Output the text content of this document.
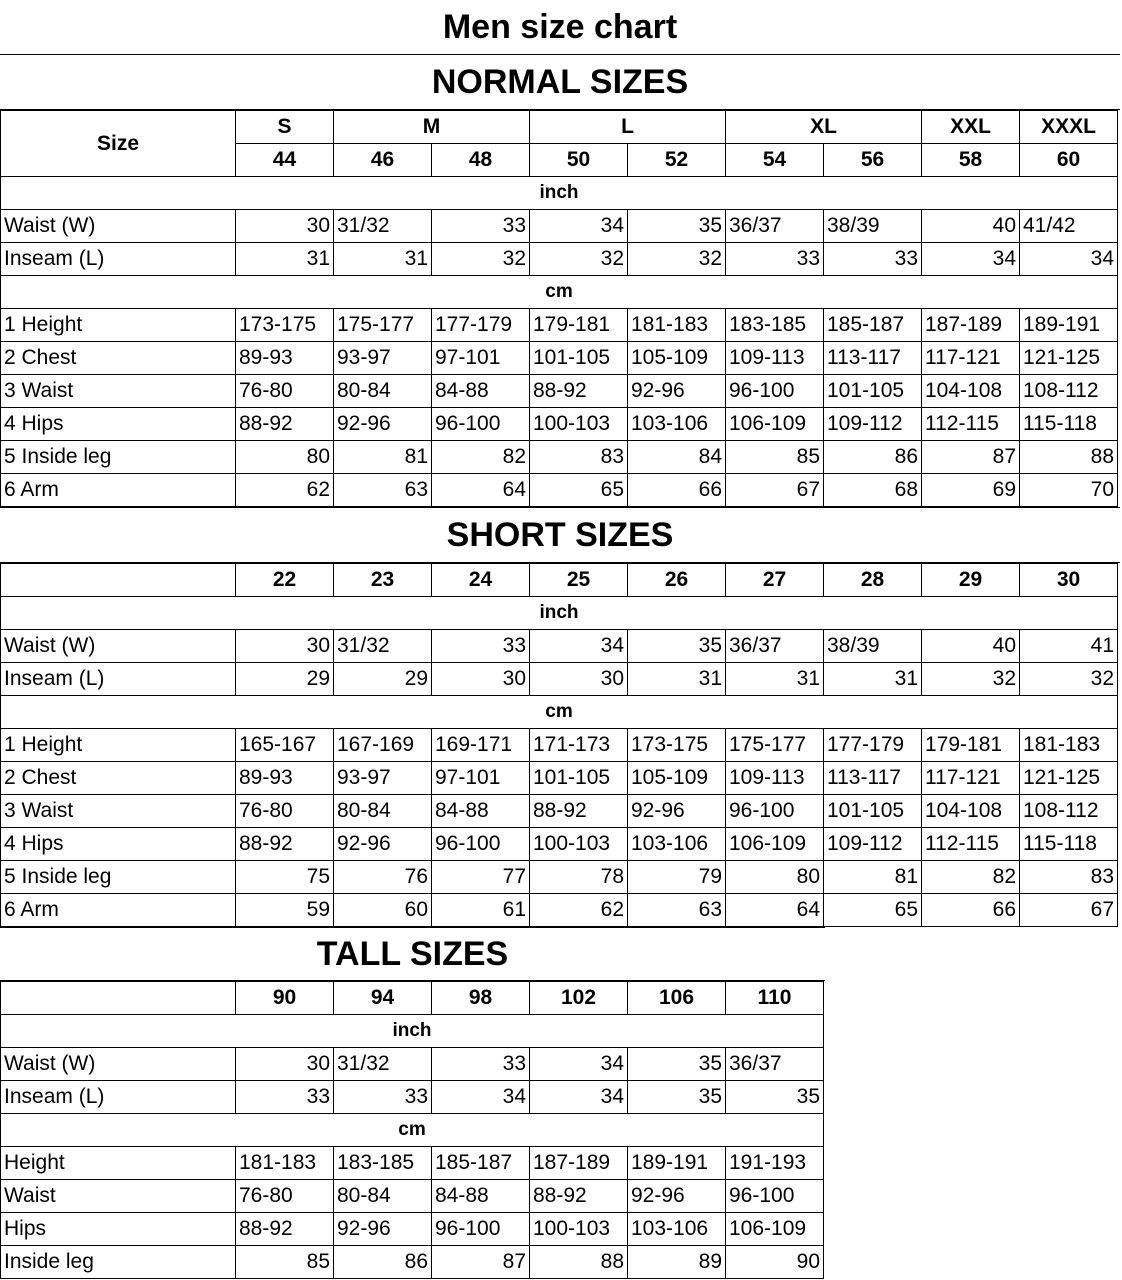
Men size chart
NORMAL SIZES
Size	S	M		L		XL		XXL	XXXL
	44	46	48	50	52	54	56	58	60
inch									
Waist (W)	30	31/32	33	34	35	36/37	38/39	40	41/42
Inseam (L)	31	31	32	32	32	33	33	34	34
cm									
1 Height	173-175	175-177	177-179	179-181	181-183	183-185	185-187	187-189	189-191
2 Chest	89-93	93-97	97-101	101-105	105-109	109-113	113-117	117-121	121-125
3 Waist	76-80	80-84	84-88	88-92	92-96	96-100	101-105	104-108	108-112
4 Hips	88-92	92-96	96-100	100-103	103-106	106-109	109-112	112-115	115-118
5 Inside leg	80	81	82	83	84	85	86	87	88
6 Arm	62	63	64	65	66	67	68	69	70
SHORT SIZES
	22	23	24	25	26	27	28	29	30
inch									
Waist (W)	30	31/32	33	34	35	36/37	38/39	40	41
Inseam (L)	29	29	30	30	31	31	31	32	32
cm									
1 Height	165-167	167-169	169-171	171-173	173-175	175-177	177-179	179-181	181-183
2 Chest	89-93	93-97	97-101	101-105	105-109	109-113	113-117	117-121	121-125
3 Waist	76-80	80-84	84-88	88-92	92-96	96-100	101-105	104-108	108-112
4 Hips	88-92	92-96	96-100	100-103	103-106	106-109	109-112	112-115	115-118
5 Inside leg	75	76	77	78	79	80	81	82	83
6 Arm	59	60	61	62	63	64	65	66	67
TALL SIZES
	90	94	98	102	106	110
inch						
Waist (W)	30	31/32	33	34	35	36/37
Inseam (L)	33	33	34	34	35	35
cm						
Height	181-183	183-185	185-187	187-189	189-191	191-193
Waist	76-80	80-84	84-88	88-92	92-96	96-100
Hips	88-92	92-96	96-100	100-103	103-106	106-109
Inside leg	85	86	87	88	89	90
